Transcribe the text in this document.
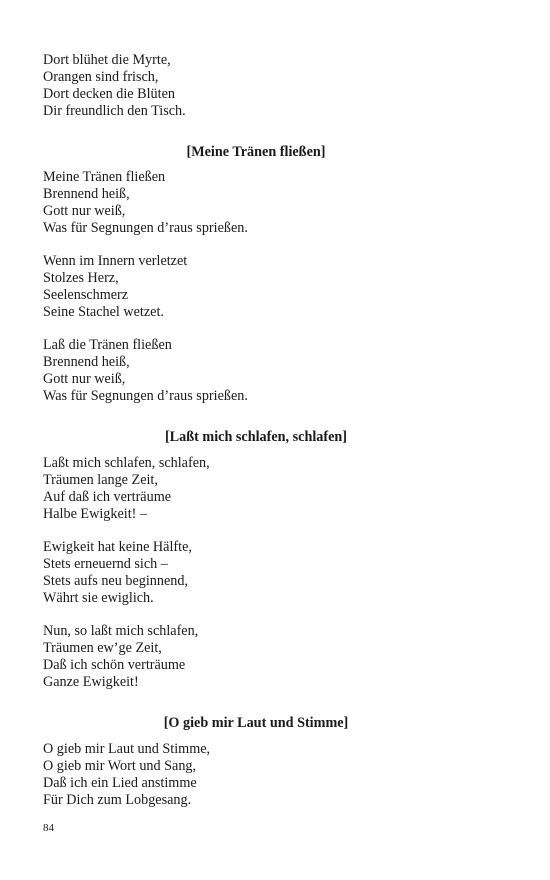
Dort blühet die Myrte,
Orangen sind frisch,
Dort decken die Blüten
Dir freundlich den Tisch.
[Meine Tränen fließen]
Meine Tränen fließen
Brennend heiß,
Gott nur weiß,
Was für Segnungen d’raus sprießen.
Wenn im Innern verletzet
Stolzes Herz,
Seelenschmerz
Seine Stachel wetzet.
Laß die Tränen fließen
Brennend heiß,
Gott nur weiß,
Was für Segnungen d’raus sprießen.
[Laßt mich schlafen, schlafen]
Laßt mich schlafen, schlafen,
Träumen lange Zeit,
Auf daß ich verträume
Halbe Ewigkeit! –
Ewigkeit hat keine Hälfte,
Stets erneuernd sich –
Stets aufs neu beginnend,
Währt sie ewiglich.
Nun, so laßt mich schlafen,
Träumen ew’ge Zeit,
Daß ich schön verträume
Ganze Ewigkeit!
[O gieb mir Laut und Stimme]
O gieb mir Laut und Stimme,
O gieb mir Wort und Sang,
Daß ich ein Lied anstimme
Für Dich zum Lobgesang.
84
